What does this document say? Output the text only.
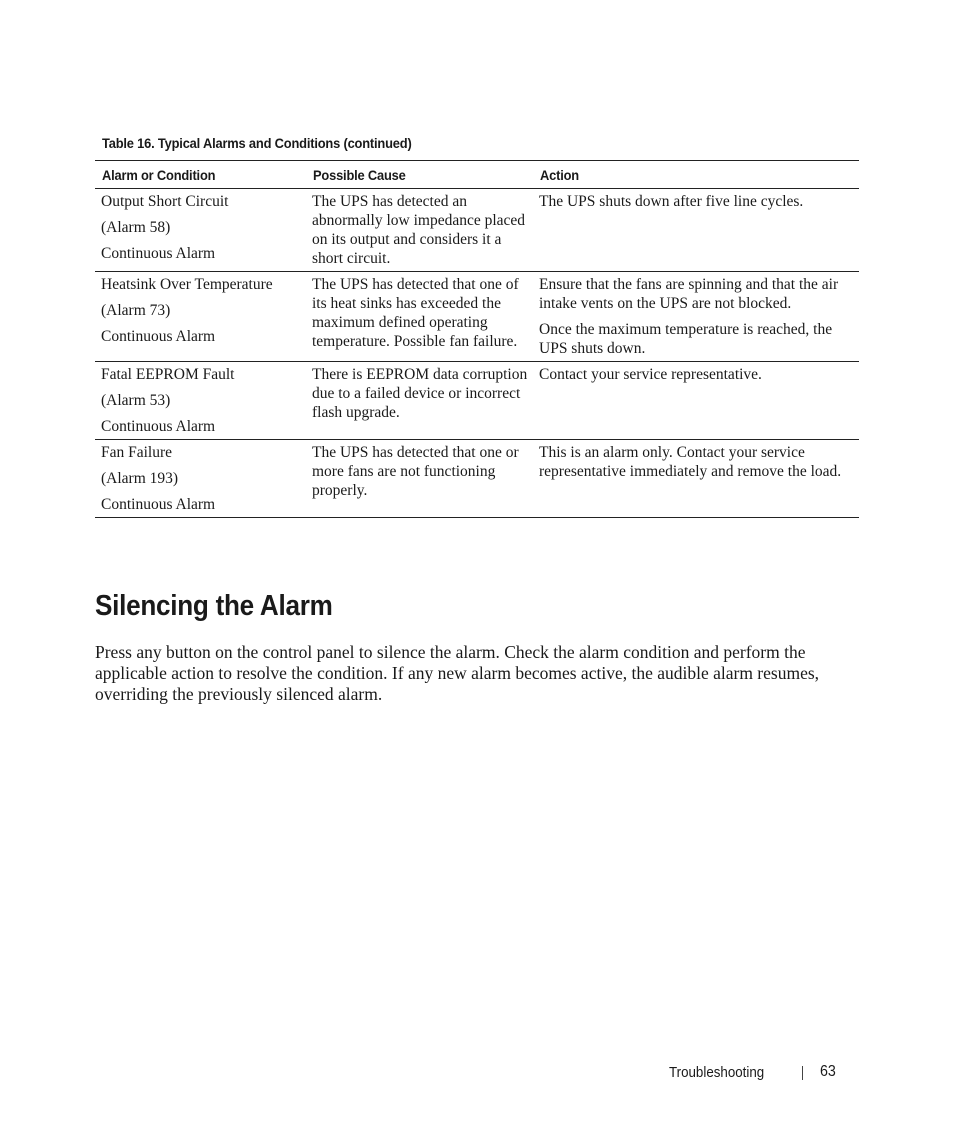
Table 16. Typical Alarms and Conditions (continued)
Alarm or Condition	Possible Cause	Action

Output Short Circuit
(Alarm 58)
Continuous Alarm	The UPS has detected an abnormally low impedance placed on its output and considers it a short circuit.	The UPS shuts down after five line cycles.

Heatsink Over Temperature
(Alarm 73)
Continuous Alarm	The UPS has detected that one of its heat sinks has exceeded the maximum defined operating temperature. Possible fan failure.	Ensure that the fans are spinning and that the air intake vents on the UPS are not blocked.
Once the maximum temperature is reached, the UPS shuts down.

Fatal EEPROM Fault
(Alarm 53)
Continuous Alarm	There is EEPROM data corruption due to a failed device or incorrect flash upgrade.	Contact your service representative.

Fan Failure
(Alarm 193)
Continuous Alarm	The UPS has detected that one or more fans are not functioning properly.	This is an alarm only. Contact your service representative immediately and remove the load.
Silencing the Alarm

Press any button on the control panel to silence the alarm. Check the alarm condition and perform the applicable action to resolve the condition. If any new alarm becomes active, the audible alarm resumes, overriding the previously silenced alarm.

Troubleshooting	63
